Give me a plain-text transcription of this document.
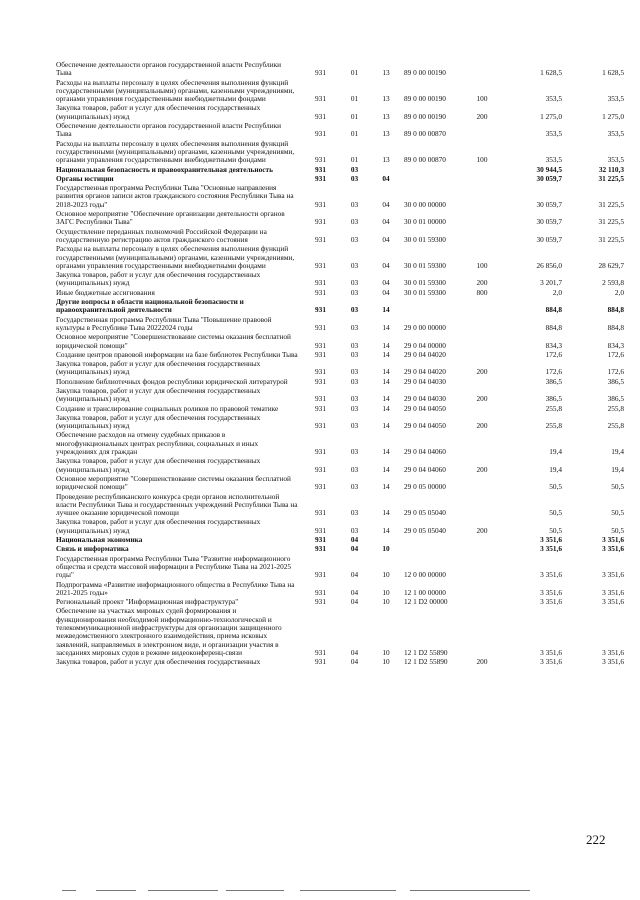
Обеспечение деятельности органов государственной власти Республики Тыва	931	01	13	89 0 00 00190		1 628,5	1 628,5
Расходы на выплаты персоналу в целях обеспечения выполнения функций государственными (муниципальными) органами, казенными учреждениями, органами управления государственными внебюджетными фондами	931	01	13	89 0 00 00190	100	353,5	353,5
Закупка товаров, работ и услуг для обеспечения государственных (муниципальных) нужд	931	01	13	89 0 00 00190	200	1 275,0	1 275,0
Обеспечение деятельности органов государственной власти Республики Тыва	931	01	13	89 0 00 00870		353,5	353,5
Расходы на выплаты персоналу в целях обеспечения выполнения функций государственными (муниципальными) органами, казенными учреждениями, органами управления государственными внебюджетными фондами	931	01	13	89 0 00 00870	100	353,5	353,5
Национальная безопасность и правоохранительная деятельность	931	03				30 944,5	32 110,3
Органы юстиции	931	03	04			30 059,7	31 225,5
Государственная программа Республики Тыва "Основные направления развития органов записи актов гражданского состояния Республики Тыва на 2018-2023 годы"	931	03	04	30 0 00 00000		30 059,7	31 225,5
Основное мероприятие "Обеспечение организации деятельности органов ЗАГС Республики Тыва"	931	03	04	30 0 01 00000		30 059,7	31 225,5
Осуществление переданных полномочий Российской Федерации на государственную регистрацию актов гражданского состояния	931	03	04	30 0 01 59300		30 059,7	31 225,5
Расходы на выплаты персоналу в целях обеспечения выполнения функций государственными (муниципальными) органами, казенными учреждениями, органами управления государственными внебюджетными фондами	931	03	04	30 0 01 59300	100	26 856,0	28 629,7
Закупка товаров, работ и услуг для обеспечения государственных (муниципальных) нужд	931	03	04	30 0 01 59300	200	3 201,7	2 593,8
Иные бюджетные ассигнования	931	03	04	30 0 01 59300	800	2,0	2,0
Другие вопросы в области национальной безопасности и правоохранительной деятельности	931	03	14			884,8	884,8
Государственная программа Республики Тыва "Повышение правовой культуры в Республике Тыва 20222024 годы	931	03	14	29 0 00 00000		884,8	884,8
Основное мероприятие "Совершенствование системы оказания бесплатной юридической помощи"	931	03	14	29 0 04 00000		834,3	834,3
Создание центров правовой информации на базе библиотек Республики Тыва	931	03	14	29 0 04 04020		172,6	172,6
Закупка товаров, работ и услуг для обеспечения государственных (муниципальных) нужд	931	03	14	29 0 04 04020	200	172,6	172,6
Пополнение библиотечных фондов республики юридической литературой	931	03	14	29 0 04 04030		386,5	386,5
Закупка товаров, работ и услуг для обеспечения государственных (муниципальных) нужд	931	03	14	29 0 04 04030	200	386,5	386,5
Создание и транслирование социальных роликов по правовой тематике	931	03	14	29 0 04 04050		255,8	255,8
Закупка товаров, работ и услуг для обеспечения государственных (муниципальных) нужд	931	03	14	29 0 04 04050	200	255,8	255,8
Обеспечение расходов на отмену судебных приказов в многофункциональных центрах республики, социальных и иных учреждениях для граждан	931	03	14	29 0 04 04060		19,4	19,4
Закупка товаров, работ и услуг для обеспечения государственных (муниципальных) нужд	931	03	14	29 0 04 04060	200	19,4	19,4
Основное мероприятие "Совершенствование системы оказания бесплатной юридической помощи"	931	03	14	29 0 05 00000		50,5	50,5
Проведение республиканского конкурса среди органов исполнительной власти Республики Тыва и государственных учреждений Республики Тыва на лучшее оказание юридической помощи	931	03	14	29 0 05 05040		50,5	50,5
Закупка товаров, работ и услуг для обеспечения государственных (муниципальных) нужд	931	03	14	29 0 05 05040	200	50,5	50,5
Национальная экономика	931	04				3 351,6	3 351,6
Связь и информатика	931	04	10			3 351,6	3 351,6
Государственная программа Республики Тыва "Развитие информационного общества и средств массовой информации в Республике Тыва на 2021-2025 годы"	931	04	10	12 0 00 00000		3 351,6	3 351,6
Подпрограмма «Развитие информационного общества в Республике Тыва на 2021-2025 годы»	931	04	10	12 1 00 00000		3 351,6	3 351,6
Региональный проект "Информационная инфраструктура"	931	04	10	12 1 D2 00000		3 351,6	3 351,6
Обеспечение на участках мировых судей формирования и функционирования необходимой информационно-технологической и телекоммуникационной инфраструктуры для организации защищенного межведомственного электронного взаимодействия, приема исковых заявлений, направляемых в электронном виде, и организации участия в заседаниях мировых судов в режиме видеоконференц-связи	931	04	10	12 1 D2 55890		3 351,6	3 351,6
Закупка товаров, работ и услуг для обеспечения государственных	931	04	10	12 1 D2 55890	200	3 351,6	3 351,6
222
